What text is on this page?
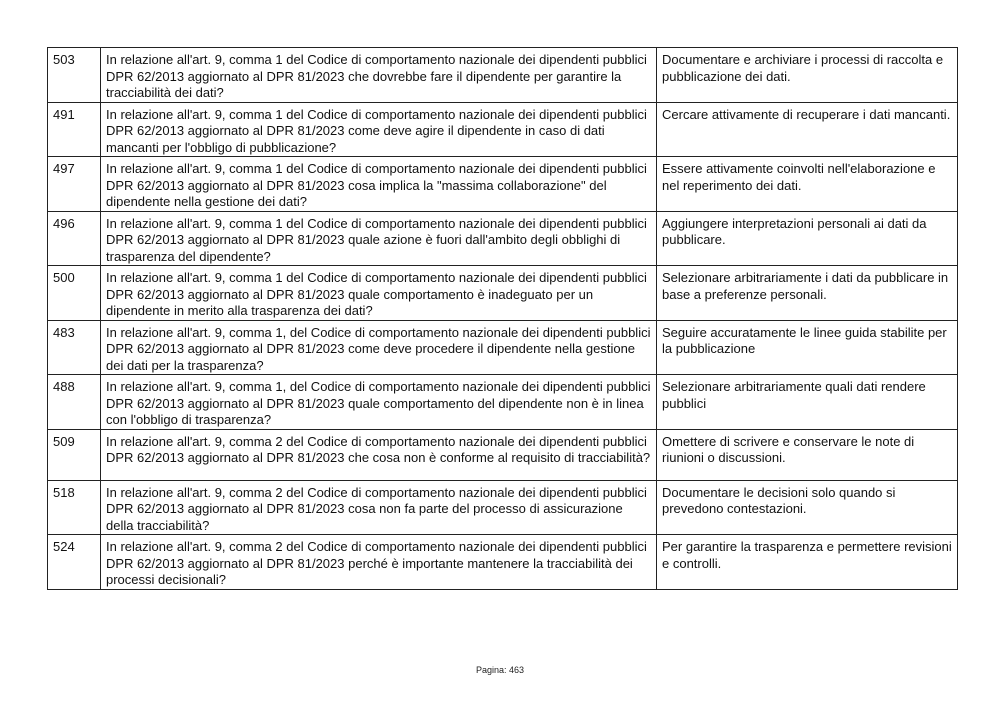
503	In relazione all'art. 9, comma 1 del Codice di comportamento nazionale dei dipendenti pubblici DPR 62/2013 aggiornato al DPR 81/2023 che dovrebbe fare il dipendente per garantire la tracciabilità dei dati?	Documentare e archiviare i processi di raccolta e pubblicazione dei dati.
491	In relazione all'art. 9, comma 1 del Codice di comportamento nazionale dei dipendenti pubblici DPR 62/2013 aggiornato al DPR 81/2023 come deve agire il dipendente in caso di dati mancanti per l'obbligo di pubblicazione?	Cercare attivamente di recuperare i dati mancanti.
497	In relazione all'art. 9, comma 1 del Codice di comportamento nazionale dei dipendenti pubblici DPR 62/2013 aggiornato al DPR 81/2023 cosa implica la "massima collaborazione" del dipendente nella gestione dei dati?	Essere attivamente coinvolti nell'elaborazione e nel reperimento dei dati.
496	In relazione all'art. 9, comma 1 del Codice di comportamento nazionale dei dipendenti pubblici DPR 62/2013 aggiornato al DPR 81/2023 quale azione è fuori dall'ambito degli obblighi di trasparenza del dipendente?	Aggiungere interpretazioni personali ai dati da pubblicare.
500	In relazione all'art. 9, comma 1 del Codice di comportamento nazionale dei dipendenti pubblici DPR 62/2013 aggiornato al DPR 81/2023 quale comportamento è inadeguato per un dipendente in merito alla trasparenza dei dati?	Selezionare arbitrariamente i dati da pubblicare in base a preferenze personali.
483	In relazione all'art. 9, comma 1, del Codice di comportamento nazionale dei dipendenti pubblici DPR 62/2013 aggiornato al DPR 81/2023 come deve procedere il dipendente nella gestione dei dati per la trasparenza?	Seguire accuratamente le linee guida stabilite per la pubblicazione
488	In relazione all'art. 9, comma 1, del Codice di comportamento nazionale dei dipendenti pubblici DPR 62/2013 aggiornato al DPR 81/2023 quale comportamento del dipendente non è in linea con l'obbligo di trasparenza?	Selezionare arbitrariamente quali dati rendere pubblici
509	In relazione all'art. 9, comma 2 del Codice di comportamento nazionale dei dipendenti pubblici DPR 62/2013 aggiornato al DPR 81/2023 che cosa non è conforme al requisito di tracciabilità?	Omettere di scrivere e conservare le note di riunioni o discussioni.
518	In relazione all'art. 9, comma 2 del Codice di comportamento nazionale dei dipendenti pubblici DPR 62/2013 aggiornato al DPR 81/2023 cosa non fa parte del processo di assicurazione della tracciabilità?	Documentare le decisioni solo quando si prevedono contestazioni.
524	In relazione all'art. 9, comma 2 del Codice di comportamento nazionale dei dipendenti pubblici DPR 62/2013 aggiornato al DPR 81/2023 perché è importante mantenere la tracciabilità dei processi decisionali?	Per garantire la trasparenza e permettere revisioni e controlli.
Pagina: 463
